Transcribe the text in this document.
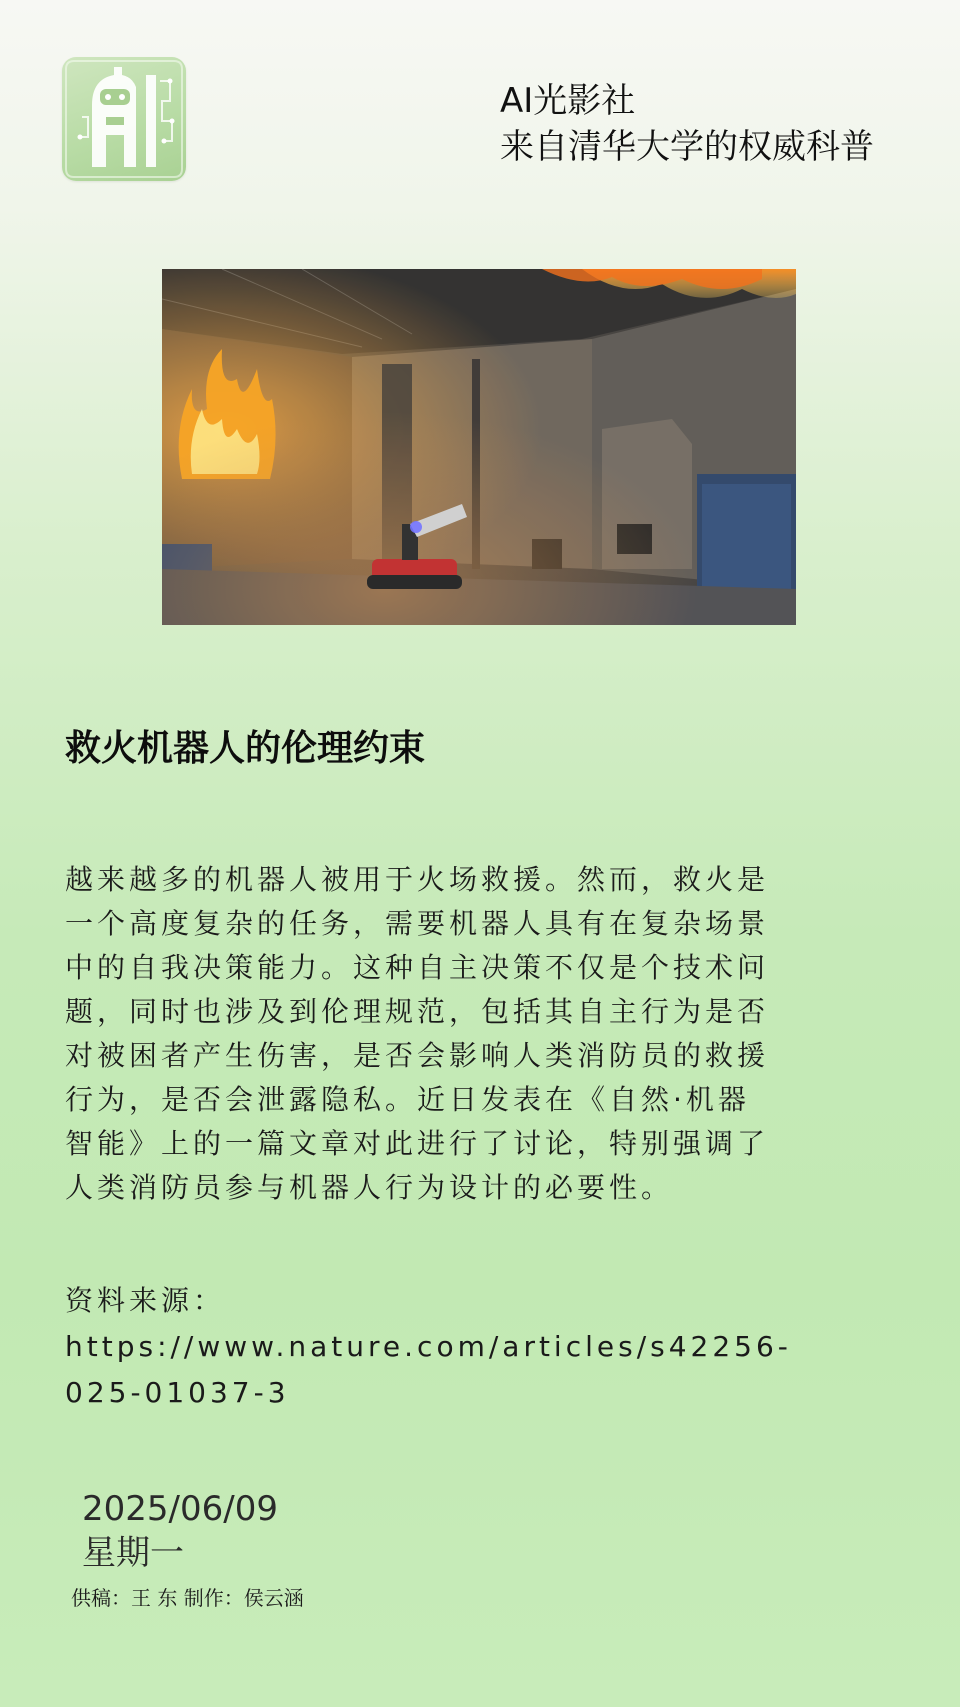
AI光影社
来自清华大学的权威科普
救火机器人的伦理约束
越来越多的机器人被用于火场救援。然而，救火是
一个高度复杂的任务，需要机器人具有在复杂场景
中的自我决策能力。这种自主决策不仅是个技术问
题，同时也涉及到伦理规范，包括其自主行为是否
对被困者产生伤害，是否会影响人类消防员的救援
行为，是否会泄露隐私。近日发表在《自然·机器
智能》上的一篇文章对此进行了讨论，特别强调了
人类消防员参与机器人行为设计的必要性。
资料来源：
https://www.nature.com/articles/s42256-
025-01037-3
2025/06/09
星期一
供稿：王 东 制作：侯云涵
